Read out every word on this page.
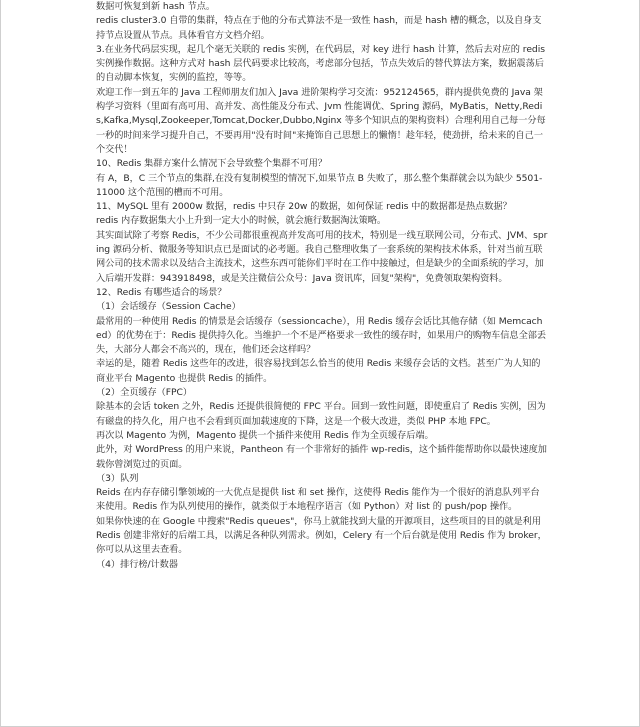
数据可恢复到新 hash 节点。

redis cluster3.0 自带的集群，特点在于他的分布式算法不是一致性 hash，而是 hash 槽的概念，以及自身支持节点设置从节点。具体看官方文档介绍。

3.在业务代码层实现，起几个毫无关联的 redis 实例，在代码层，对 key 进行 hash 计算，然后去对应的 redis 实例操作数据。这种方式对 hash 层代码要求比较高，考虑部分包括，节点失效后的替代算法方案，数据震荡后的自动脚本恢复，实例的监控，等等。

欢迎工作一到五年的 Java 工程师朋友们加入 Java 进阶架构学习交流：952124565，群内提供免费的 Java 架构学习资料（里面有高可用、高并发、高性能及分布式、Jvm 性能调优、Spring 源码，MyBatis，Netty,Redis,Kafka,Mysql,Zookeeper,Tomcat,Docker,Dubbo,Nginx 等多个知识点的架构资料）合理利用自己每一分每一秒的时间来学习提升自己，不要再用"没有时间"来掩饰自己思想上的懒惰！趁年轻，使劲拼，给未来的自己一个交代！

10、Redis 集群方案什么情况下会导致整个集群不可用？

有 A，B，C 三个节点的集群,在没有复制模型的情况下,如果节点 B 失败了，那么整个集群就会以为缺少 5501-11000 这个范围的槽而不可用。

11、MySQL 里有 2000w 数据，redis 中只存 20w 的数据，如何保证 redis 中的数据都是热点数据？

redis 内存数据集大小上升到一定大小的时候，就会施行数据淘汰策略。

其实面试除了考察 Redis，不少公司都很重视高并发高可用的技术，特别是一线互联网公司，分布式、JVM、spring 源码分析、微服务等知识点已是面试的必考题。我自己整理收集了一套系统的架构技术体系，针对当前互联网公司的技术需求以及结合主流技术，这些东西可能你们平时在工作中接触过，但是缺少的全面系统的学习，加入后端开发群：943918498，或是关注微信公众号：Java 资讯库，回复"架构"，免费领取架构资料。

12、Redis 有哪些适合的场景？

（1）会话缓存（Session Cache）

最常用的一种使用 Redis 的情景是会话缓存（sessioncache），用 Redis 缓存会话比其他存储（如 Memcached）的优势在于：Redis 提供持久化。当维护一个不是严格要求一致性的缓存时，如果用户的购物车信息全部丢失，大部分人都会不高兴的，现在，他们还会这样吗？

幸运的是，随着 Redis 这些年的改进，很容易找到怎么恰当的使用 Redis 来缓存会话的文档。甚至广为人知的商业平台 Magento 也提供 Redis 的插件。

（2）全页缓存（FPC）

除基本的会话 token 之外，Redis 还提供很简便的 FPC 平台。回到一致性问题，即使重启了 Redis 实例，因为有磁盘的持久化，用户也不会看到页面加载速度的下降，这是一个极大改进，类似 PHP 本地 FPC。

再次以 Magento 为例，Magento 提供一个插件来使用 Redis 作为全页缓存后端。

此外，对 WordPress 的用户来说，Pantheon 有一个非常好的插件 wp-redis，这个插件能帮助你以最快速度加载你曾浏览过的页面。

（3）队列

Reids 在内存存储引擎领域的一大优点是提供 list 和 set 操作，这使得 Redis 能作为一个很好的消息队列平台来使用。Redis 作为队列使用的操作，就类似于本地程序语言（如 Python）对 list 的 push/pop 操作。

如果你快速的在 Google 中搜索"Redis queues"，你马上就能找到大量的开源项目，这些项目的目的就是利用 Redis 创建非常好的后端工具，以满足各种队列需求。例如，Celery 有一个后台就是使用 Redis 作为 broker，你可以从这里去查看。

（4）排行榜/计数器
